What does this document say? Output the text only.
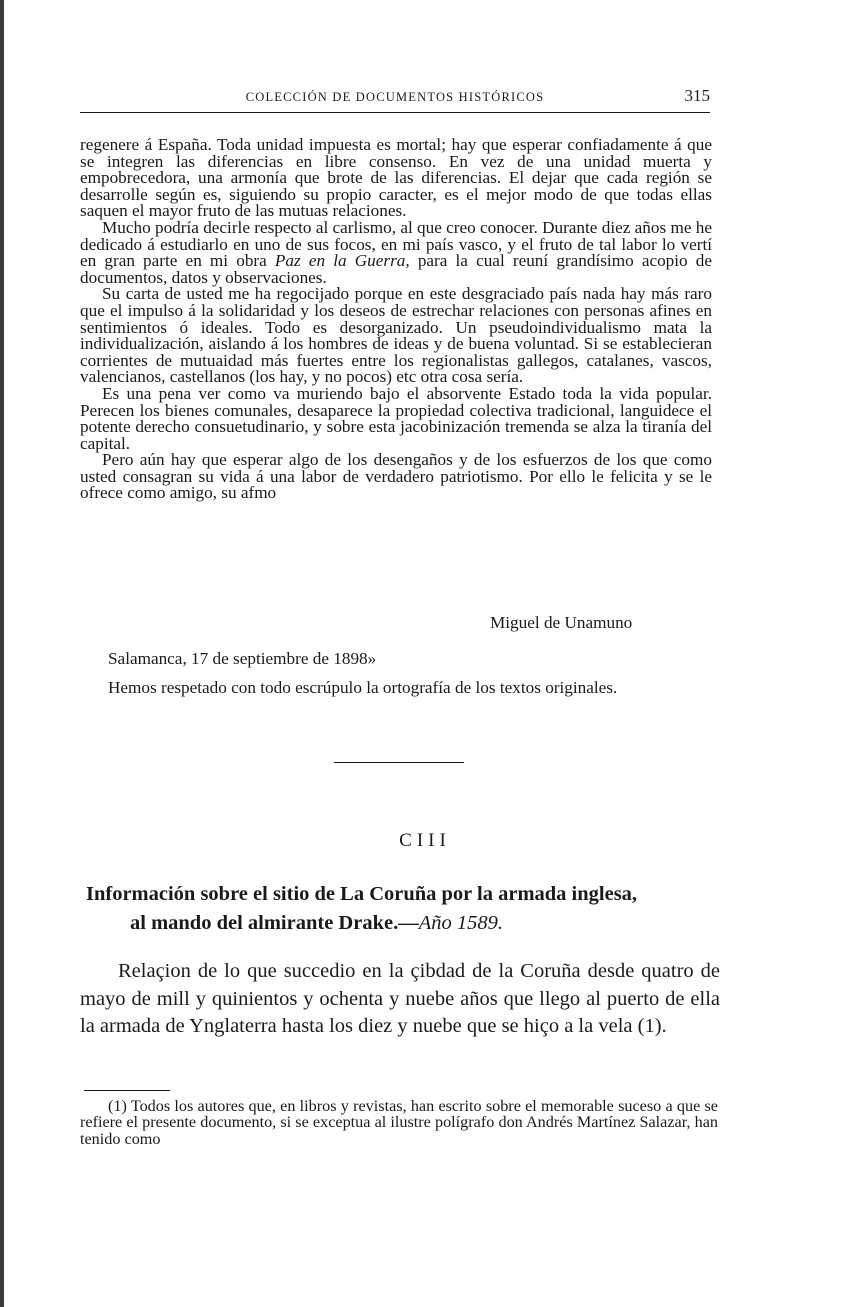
COLECCIÓN DE DOCUMENTOS HISTÓRICOS	315

regenere á España. Toda unidad impuesta es mortal; hay que esperar confiadamente á que se integren las diferencias en libre consenso. En vez de una unidad muerta y empobrecedora, una armonía que brote de las diferencias. El dejar que cada región se desarrolle según es, siguiendo su propio caracter, es el mejor modo de que todas ellas saquen el mayor fruto de las mutuas relaciones.

Mucho podría decirle respecto al carlismo, al que creo conocer. Durante diez años me he dedicado á estudiarlo en uno de sus focos, en mi país vasco, y el fruto de tal labor lo vertí en gran parte en mi obra Paz en la Guerra, para la cual reuní grandísimo acopio de documentos, datos y observaciones.

Su carta de usted me ha regocijado porque en este desgraciado país nada hay más raro que el impulso á la solidaridad y los deseos de estrechar relaciones con personas afines en sentimientos ó ideales. Todo es desorganizado. Un pseudoindividualismo mata la individualización, aislando á los hombres de ideas y de buena voluntad. Si se establecieran corrientes de mutuaidad más fuertes entre los regionalistas gallegos, catalanes, vascos, valencianos, castellanos (los hay, y no pocos) etc otra cosa sería.

Es una pena ver como va muriendo bajo el absorvente Estado toda la vida popular. Perecen los bienes comunales, desaparece la propiedad colectiva tradicional, languidece el potente derecho consuetudinario, y sobre esta jacobinización tremenda se alza la tiranía del capital.

Pero aún hay que esperar algo de los desengaños y de los esfuerzos de los que como usted consagran su vida á una labor de verdadero patriotismo. Por ello le felicita y se le ofrece como amigo, su afmo

Miguel de Unamuno
Salamanca, 17 de septiembre de 1898»
Hemos respetado con todo escrúpulo la ortografía de los textos originales.
CIII
Información sobre el sitio de La Coruña por la armada inglesa,
al mando del almirante Drake.—Año 1589.
Relaçion de lo que succedio en la çibdad de la Coruña desde quatro de mayo de mill y quinientos y ochenta y nuebe años que llego al puerto de ella la armada de Ynglaterra hasta los diez y nuebe que se hiço a la vela (1).
(1) Todos los autores que, en libros y revistas, han escrito sobre el memorable suceso a que se refiere el presente documento, si se exceptua al ilustre polígrafo don Andrés Martínez Salazar, han tenido como
